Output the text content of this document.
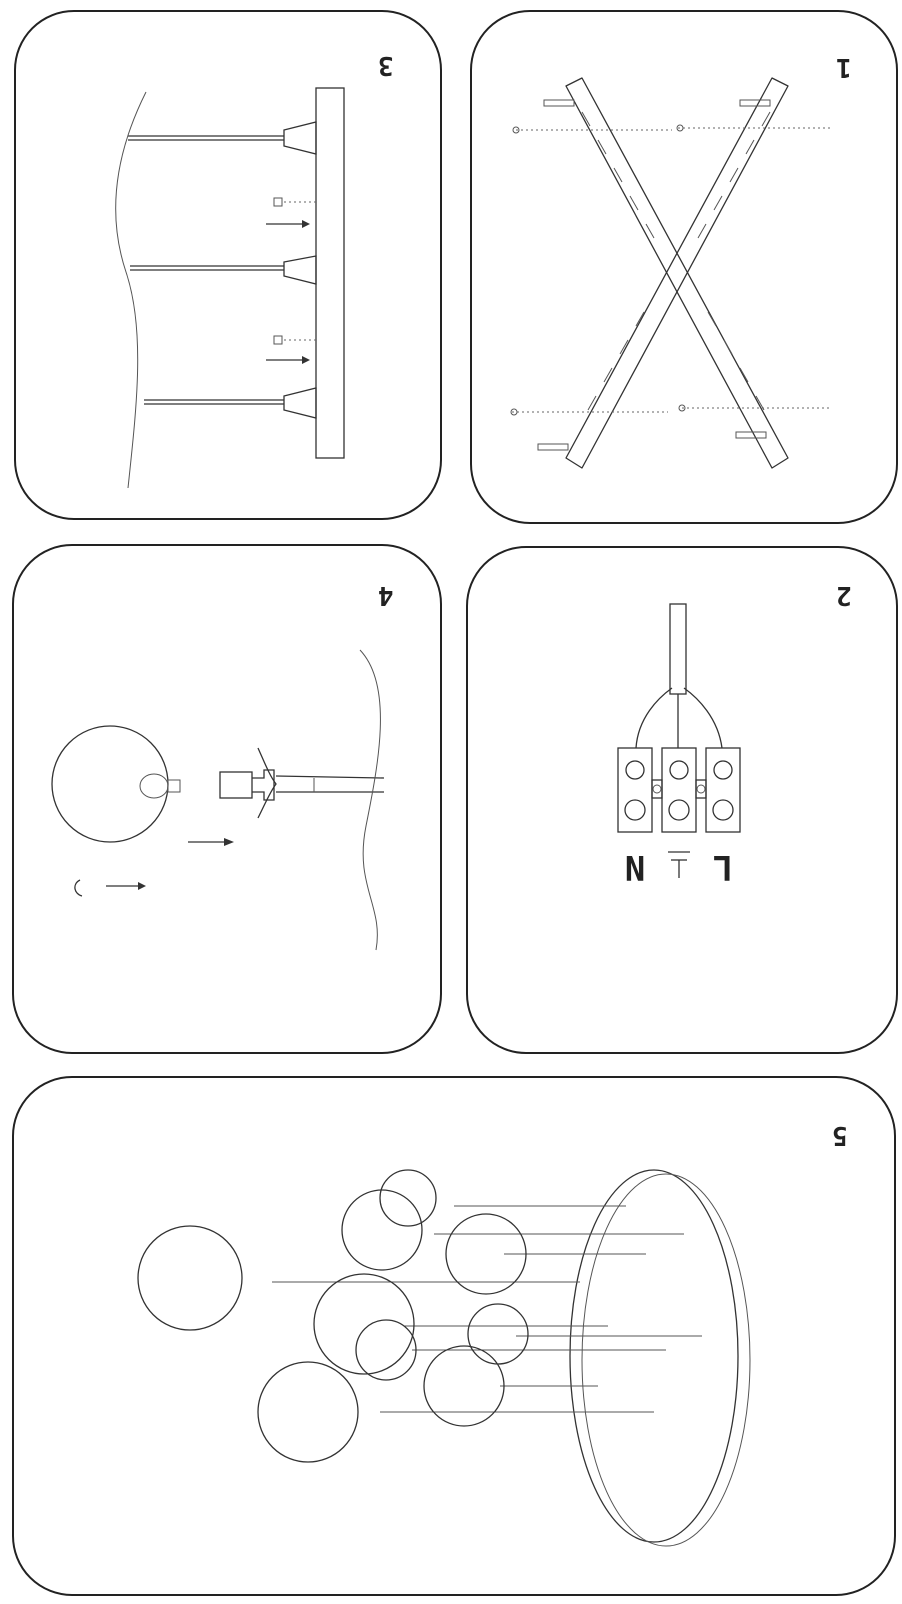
3	1
4	2
N L
5
